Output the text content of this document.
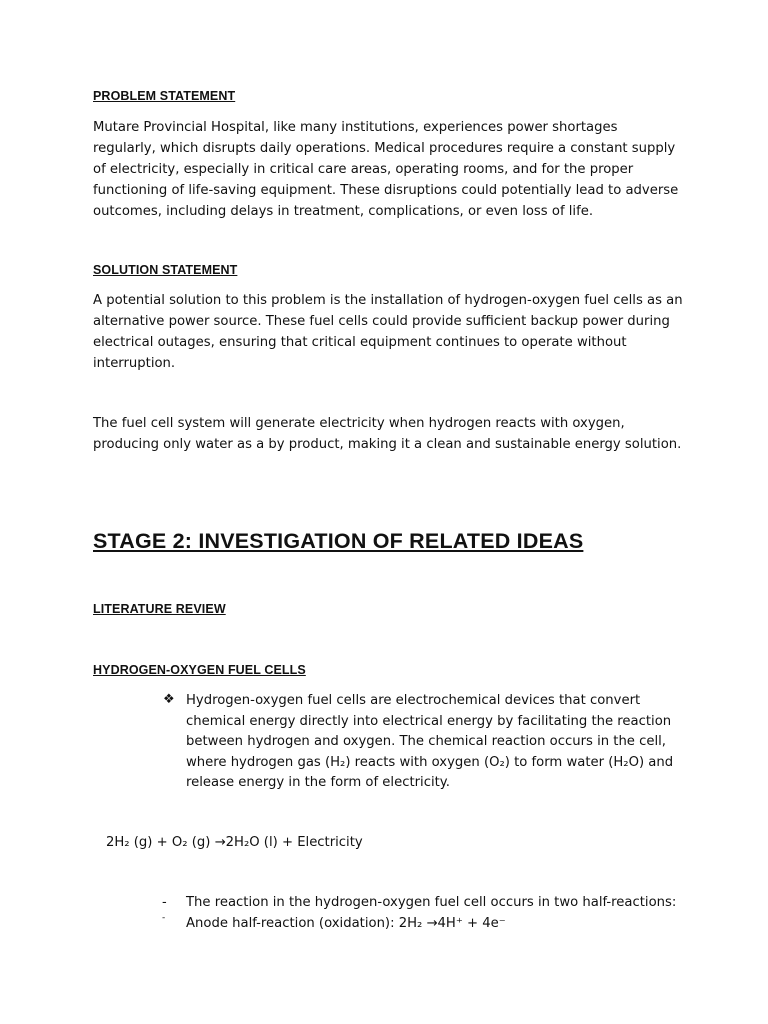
PROBLEM STATEMENT

Mutare Provincial Hospital, like many institutions, experiences power shortages regularly, which disrupts daily operations. Medical procedures require a constant supply of electricity, especially in critical care areas, operating rooms, and for the proper functioning of life-saving equipment. These disruptions could potentially lead to adverse outcomes, including delays in treatment, complications, or even loss of life.

SOLUTION STATEMENT

A potential solution to this problem is the installation of hydrogen-oxygen fuel cells as an alternative power source. These fuel cells could provide sufficient backup power during electrical outages, ensuring that critical equipment continues to operate without interruption.

The fuel cell system will generate electricity when hydrogen reacts with oxygen, producing only water as a by product, making it a clean and sustainable energy solution.

STAGE 2: INVESTIGATION OF RELATED IDEAS

LITERATURE REVIEW

HYDROGEN-OXYGEN FUEL CELLS

❖ Hydrogen-oxygen fuel cells are electrochemical devices that convert chemical energy directly into electrical energy by facilitating the reaction between hydrogen and oxygen. The chemical reaction occurs in the cell, where hydrogen gas (H₂) reacts with oxygen (O₂) to form water (H₂O) and release energy in the form of electricity.

2H₂ (g) + O₂ (g) →2H₂O (l) + Electricity

- The reaction in the hydrogen-oxygen fuel cell occurs in two half-reactions:

- Anode half-reaction (oxidation): 2H₂ →4H⁺ + 4e⁻
